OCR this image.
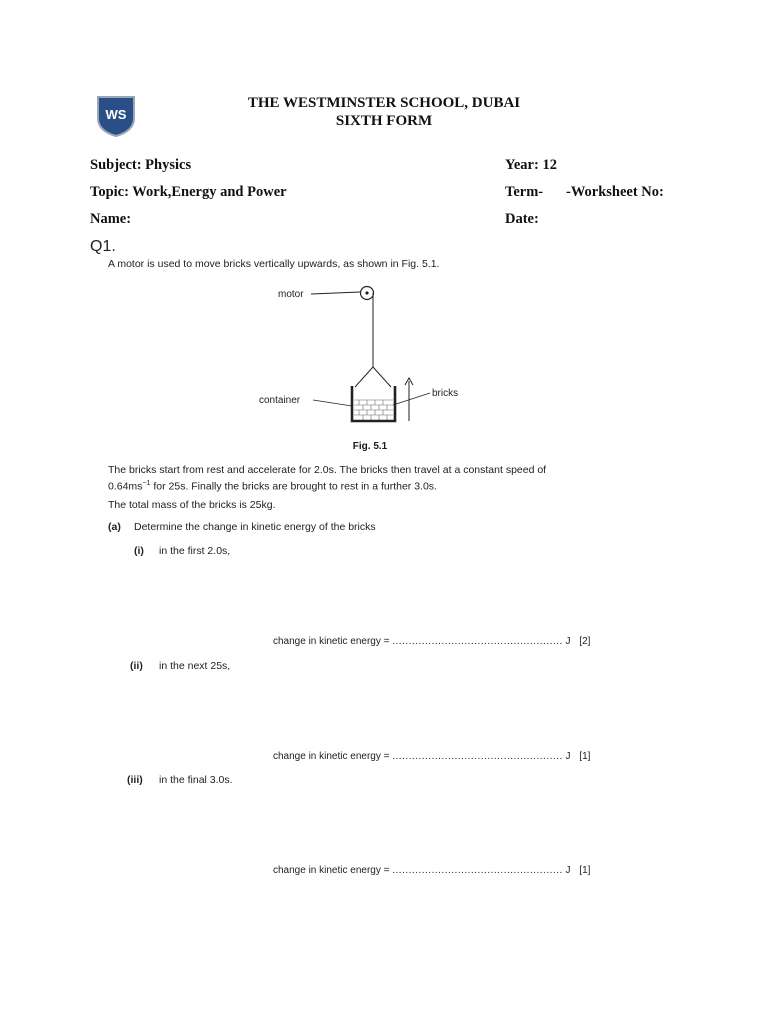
WS
THE WESTMINSTER SCHOOL, DUBAI
SIXTH FORM
Subject: Physics	Year: 12
Topic: Work,Energy and Power	Term- -Worksheet No:
Name:	Date:
Q1.
A motor is used to move bricks vertically upwards, as shown in Fig. 5.1.
motor
container
bricks
Fig. 5.1
The bricks start from rest and accelerate for 2.0s. The bricks then travel at a constant speed of
$0.64ms^{-1}$ for 25s. Finally the bricks are brought to rest in a further 3.0s.
The total mass of the bricks is 25kg.
(a) Determine the change in kinetic energy of the bricks
(i) in the first 2.0s,
change in kinetic energy = .................................................... J [2]
(ii) in the next 25s,
change in kinetic energy = .................................................... J [1]
(iii) in the final 3.0s.
change in kinetic energy = .................................................... J [1]
